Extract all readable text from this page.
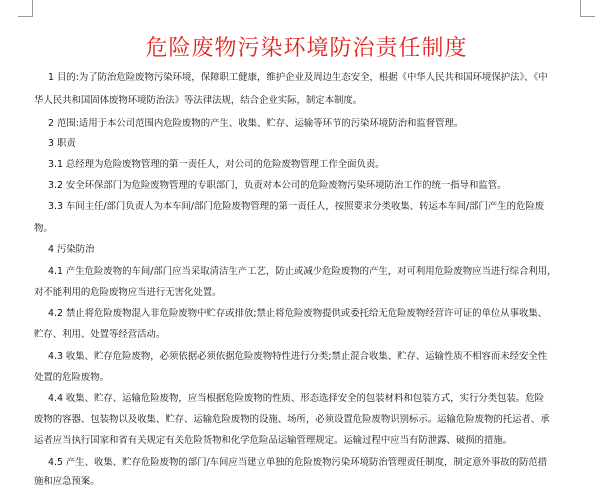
危险废物污染环境防治责任制度
1 目的:为了防治危险废物污染环境，保障职工健康，维护企业及周边生态安全，根据《中华人民共和国环境保护法》、《中
华人民共和国固体废物环境防治法》等法律法规，结合企业实际，制定本制度。
2 范围:适用于本公司范围内危险废物的产生、收集、贮存、运输等环节的污染环境防治和监督管理。
3 职责
3.1 总经理为危险废物管理的第一责任人，对公司的危险废物管理工作全面负责。
3.2 安全环保部门为危险废物管理的专职部门，负责对本公司的危险废物污染环境防治工作的统一指导和监管。
3.3 车间主任/部门负责人为本车间/部门危险废物管理的第一责任人，按照要求分类收集、转运本车间/部门产生的危险废
物。
4 污染防治
4.1 产生危险废物的车间/部门应当采取清洁生产工艺，防止或减少危险废物的产生，对可利用危险废物应当进行综合利用，
对不能利用的危险废物应当进行无害化处置。
4.2 禁止将危险废物混入非危险废物中贮存或排放;禁止将危险废物提供或委托给无危险废物经营许可证的单位从事收集、
贮存、利用、处置等经营活动。
4.3 收集、贮存危险废物，必须依据必须依据危险废物特性进行分类;禁止混合收集、贮存、运输性质不相容而未经安全性
处置的危险废物。
4.4 收集、贮存、运输危险废物，应当根据危险废物的性质、形态选择安全的包装材料和包装方式，实行分类包装。危险
废物的容器、包装物以及收集、贮存、运输危险废物的设施、场所，必须设置危险废物识别标示。运输危险废物的托运者、承
运者应当执行国家和省有关规定有关危险货物和化学危险品运输管理规定。运输过程中应当有防泄露、破损的措施。
4.5 产生、收集、贮存危险废物的部门/车间应当建立单独的危险废物污染环境防治管理责任制度，制定意外事故的防范措
施和应急预案。
